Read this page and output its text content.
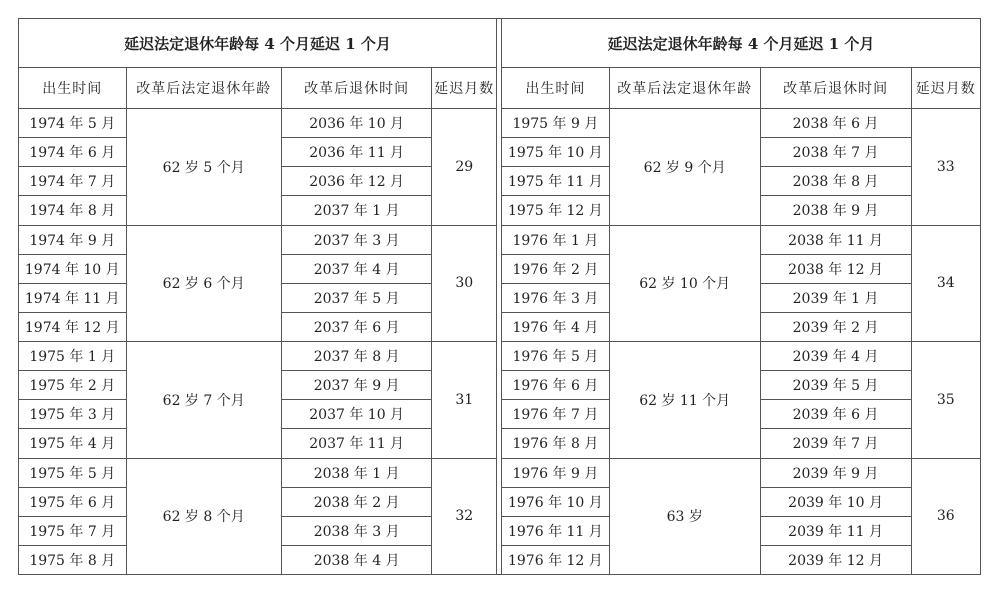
延迟法定退休年龄每 4 个月延迟 1 个月			
出生时间	改革后法定退休年龄	改革后退休时间	延迟月数
1974 年 5 月	62 岁 5 个月	2036 年 10 月	29
1974 年 6 月		2036 年 11 月	
1974 年 7 月		2036 年 12 月	
1974 年 8 月		2037 年 1 月	
1974 年 9 月	62 岁 6 个月	2037 年 3 月	30
1974 年 10 月		2037 年 4 月	
1974 年 11 月		2037 年 5 月	
1974 年 12 月		2037 年 6 月	
1975 年 1 月	62 岁 7 个月	2037 年 8 月	31
1975 年 2 月		2037 年 9 月	
1975 年 3 月		2037 年 10 月	
1975 年 4 月		2037 年 11 月	
1975 年 5 月	62 岁 8 个月	2038 年 1 月	32
1975 年 6 月		2038 年 2 月	
1975 年 7 月		2038 年 3 月	
1975 年 8 月		2038 年 4 月	
延迟法定退休年龄每 4 个月延迟 1 个月			
出生时间	改革后法定退休年龄	改革后退休时间	延迟月数
1975 年 9 月	62 岁 9 个月	2038 年 6 月	33
1975 年 10 月		2038 年 7 月	
1975 年 11 月		2038 年 8 月	
1975 年 12 月		2038 年 9 月	
1976 年 1 月	62 岁 10 个月	2038 年 11 月	34
1976 年 2 月		2038 年 12 月	
1976 年 3 月		2039 年 1 月	
1976 年 4 月		2039 年 2 月	
1976 年 5 月	62 岁 11 个月	2039 年 4 月	35
1976 年 6 月		2039 年 5 月	
1976 年 7 月		2039 年 6 月	
1976 年 8 月		2039 年 7 月	
1976 年 9 月	63 岁	2039 年 9 月	36
1976 年 10 月		2039 年 10 月	
1976 年 11 月		2039 年 11 月	
1976 年 12 月		2039 年 12 月	
